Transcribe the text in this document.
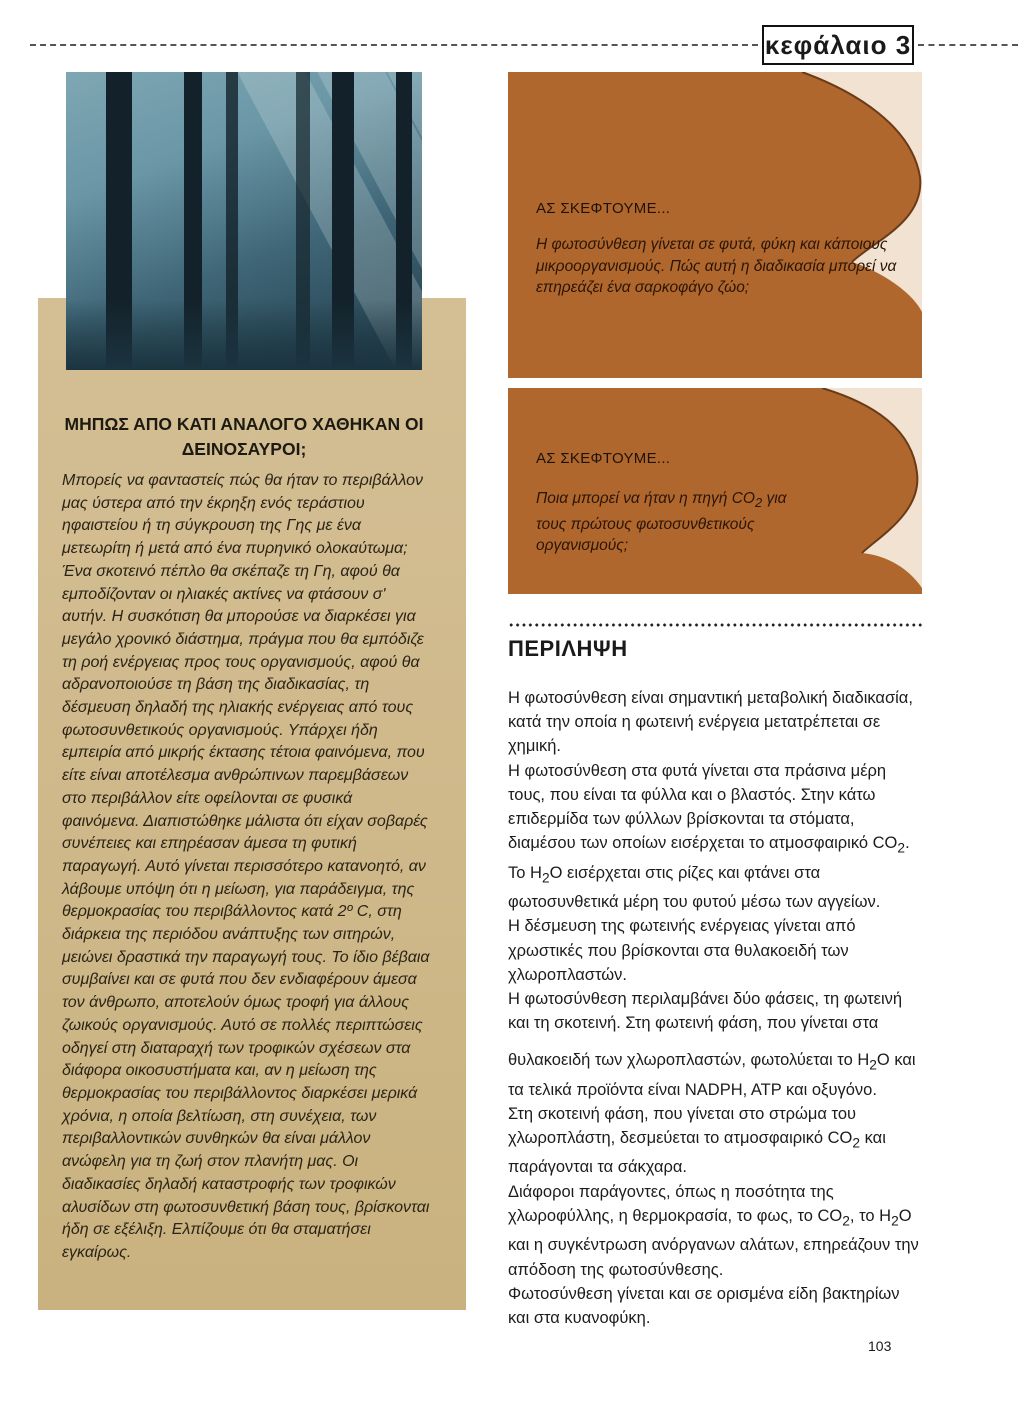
κεφάλαιο 3
ΜΗΠΩΣ ΑΠΟ ΚΑΤΙ ΑΝΑΛΟΓΟ ΧΑΘΗΚΑΝ ΟΙ ΔΕΙΝΟΣΑΥΡΟΙ;

Μπορείς να φανταστείς πώς θα ήταν το περιβάλλον μας ύστερα από την έκρηξη ενός τεράστιου ηφαιστείου ή τη σύγκρουση της Γης με ένα μετεωρίτη ή μετά από ένα πυρηνικό ολοκαύτωμα; Ένα σκοτεινό πέπλο θα σκέπαζε τη Γη, αφού θα εμποδίζονταν οι ηλιακές ακτίνες να φτάσουν σ' αυτήν. Η συσκότιση θα μπορούσε να διαρκέσει για μεγάλο χρονικό διάστημα, πράγμα που θα εμπόδιζε τη ροή ενέργειας προς τους οργανισμούς, αφού θα αδρανοποιούσε τη βάση της διαδικασίας, τη δέσμευση δηλαδή της ηλιακής ενέργειας από τους φωτοσυνθετικούς οργανισμούς. Υπάρχει ήδη εμπειρία από μικρής έκτασης τέτοια φαινόμενα, που είτε είναι αποτέλεσμα ανθρώπινων παρεμβάσεων στο περιβάλλον είτε οφείλονται σε φυσικά φαινόμενα. Διαπιστώθηκε μάλιστα ότι είχαν σοβαρές συνέπειες και επηρέασαν άμεσα τη φυτική παραγωγή. Αυτό γίνεται περισσότερο κατανοητό, αν λάβουμε υπόψη ότι η μείωση, για παράδειγμα, της θερμοκρασίας του περιβάλλοντος κατά 2º C, στη διάρκεια της περιόδου ανάπτυξης των σιτηρών, μειώνει δραστικά την παραγωγή τους. Το ίδιο βέβαια συμβαίνει και σε φυτά που δεν ενδιαφέρουν άμεσα τον άνθρωπο, αποτελούν όμως τροφή για άλλους ζωικούς οργανισμούς. Αυτό σε πολλές περιπτώσεις οδηγεί στη διαταραχή των τροφικών σχέσεων στα διάφορα οικοσυστήματα και, αν η μείωση της θερμοκρασίας του περιβάλλοντος διαρκέσει μερικά χρόνια, η οποία βελτίωση, στη συνέχεια, των περιβαλλοντικών συνθηκών θα είναι μάλλον ανώφελη για τη ζωή στον πλανήτη μας. Οι διαδικασίες δηλαδή καταστροφής των τροφικών αλυσίδων στη φωτοσυνθετική βάση τους, βρίσκονται ήδη σε εξέλιξη. Ελπίζουμε ότι θα σταματήσει εγκαίρως.

ΑΣ ΣΚΕΦΤΟΥΜΕ...
Η φωτοσύνθεση γίνεται σε φυτά, φύκη και κάποιους μικροοργανισμούς. Πώς αυτή η διαδικασία μπορεί να επηρεάζει ένα σαρκοφάγο ζώο;
ΑΣ ΣΚΕΦΤΟΥΜΕ...
Ποια μπορεί να ήταν η πηγή $CO_2$ για τους πρώτους φωτοσυνθετικούς οργανισμούς;
ΠΕΡΙΛΗΨΗ

Η φωτοσύνθεση είναι σημαντική μεταβολική διαδικασία, κατά την οποία η φωτεινή ενέργεια μετατρέπεται σε χημική.

Η φωτοσύνθεση στα φυτά γίνεται στα πράσινα μέρη τους, που είναι τα φύλλα και ο βλαστός. Στην κάτω επιδερμίδα των φύλλων βρίσκονται τα στόματα, διαμέσου των οποίων εισέρχεται το ατμοσφαιρικό $CO_2$. Το $H_2O$ εισέρχεται στις ρίζες και φτάνει στα φωτοσυνθετικά μέρη του φυτού μέσω των αγγείων.

Η δέσμευση της φωτεινής ενέργειας γίνεται από χρωστικές που βρίσκονται στα θυλακοειδή των χλωροπλαστών.

Η φωτοσύνθεση περιλαμβάνει δύο φάσεις, τη φωτεινή και τη σκοτεινή. Στη φωτεινή φάση, που γίνεται στα

θυλακοειδή των χλωροπλαστών, φωτολύεται το $H_2O$ και τα τελικά προϊόντα είναι NADPH, ATP και οξυγόνο.

Στη σκοτεινή φάση, που γίνεται στο στρώμα του χλωροπλάστη, δεσμεύεται το ατμοσφαιρικό $CO_2$ και παράγονται τα σάκχαρα.

Διάφοροι παράγοντες, όπως η ποσότητα της χλωροφύλλης, η θερμοκρασία, το φως, το $CO_2$, το $H_2O$ και η συγκέντρωση ανόργανων αλάτων, επηρεάζουν την απόδοση της φωτοσύνθεσης.

Φωτοσύνθεση γίνεται και σε ορισμένα είδη βακτηρίων και στα κυανοφύκη.

103
